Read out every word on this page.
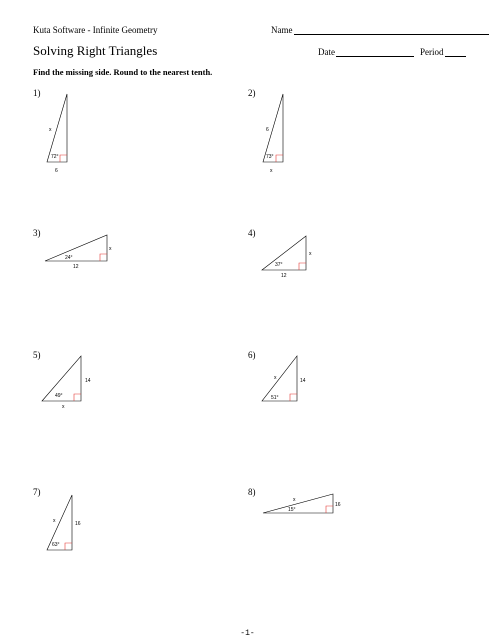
Kuta Software - Infinite Geometry	Name
Solving Right Triangles	Date	Period
Find the missing side. Round to the nearest tenth.
1)	2)
3)	4)
5)	6)
7)	8)
72°
x
6
73°
6
x
24°
x
12	37°
x
12
49°
14
x
51°
x	14
63°
x	16
15°
x
16
-1-
